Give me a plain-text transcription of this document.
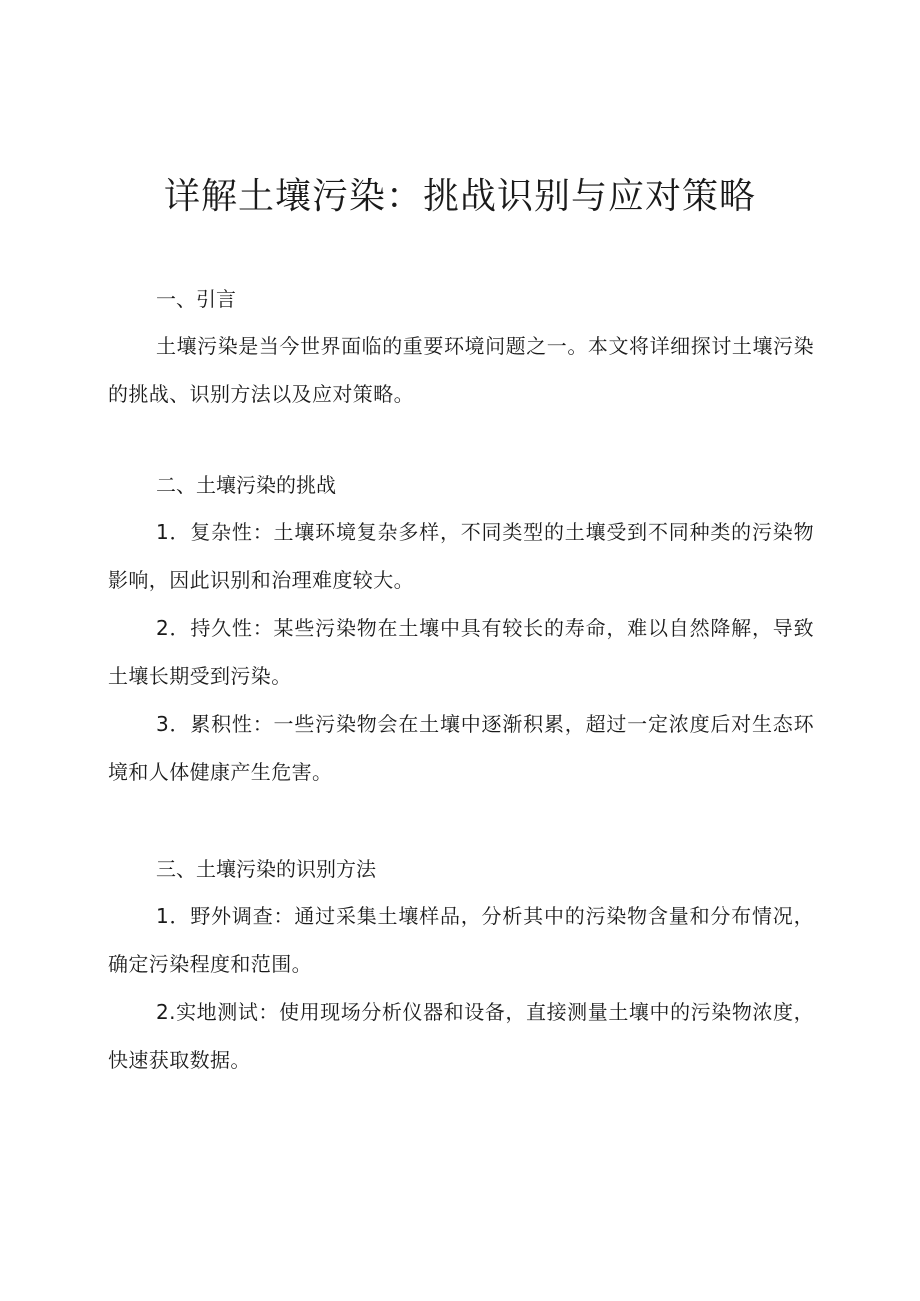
详解土壤污染：挑战识别与应对策略
一、引言

土壤污染是当今世界面临的重要环境问题之一。本文将详细探讨土壤污染的挑战、识别方法以及应对策略。

二、土壤污染的挑战

1．复杂性：土壤环境复杂多样，不同类型的土壤受到不同种类的污染物影响，因此识别和治理难度较大。

2．持久性：某些污染物在土壤中具有较长的寿命，难以自然降解，导致土壤长期受到污染。

3．累积性：一些污染物会在土壤中逐渐积累，超过一定浓度后对生态环境和人体健康产生危害。

三、土壤污染的识别方法

1．野外调查：通过采集土壤样品，分析其中的污染物含量和分布情况，确定污染程度和范围。

2.实地测试：使用现场分析仪器和设备，直接测量土壤中的污染物浓度，快速获取数据。
